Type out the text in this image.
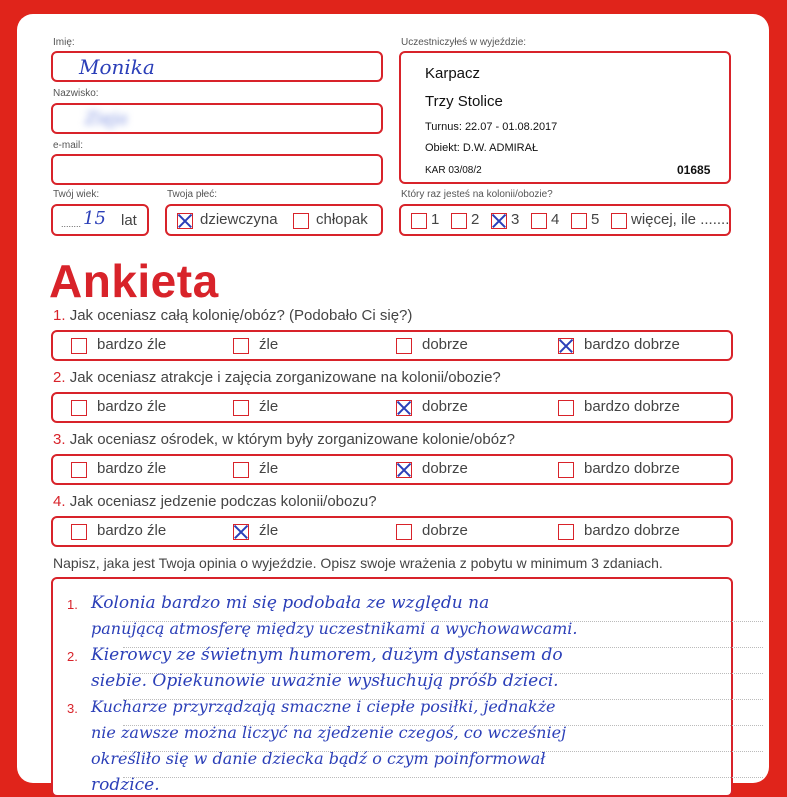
Imię:
Monika
Nazwisko:
Zięja
e-mail:
Twój wiek:
........ 15 lat
Twoja płeć:
dziewczyna	chłopak
Uczestniczyłeś w wyjeździe:
Karpacz
Trzy Stolice
Turnus: 22.07 - 01.08.2017
Obiekt: D.W. ADMIRAŁ
KAR 03/08/2	01685
Który raz jesteś na kolonii/obozie?
1 2 3 4 5 więcej, ile .......
Ankieta
1. Jak oceniasz całą kolonię/obóz? (Podobało Ci się?)
bardzo źle	źle	dobrze	bardzo dobrze
2. Jak oceniasz atrakcje i zajęcia zorganizowane na kolonii/obozie?
bardzo źle	źle	dobrze	bardzo dobrze
3. Jak oceniasz ośrodek, w którym były zorganizowane kolonie/obóz?
bardzo źle	źle	dobrze	bardzo dobrze
4. Jak oceniasz jedzenie podczas kolonii/obozu?
bardzo źle	źle	dobrze	bardzo dobrze
Napisz, jaka jest Twoja opinia o wyjeździe. Opisz swoje wrażenia z pobytu w minimum 3 zdaniach.
1.
2.
3.
Kolonia bardzo mi się podobała ze względu na
panującą atmosferę między uczestnikami a wychowawcami.
Kierowcy ze świetnym humorem, dużym dystansem do
siebie. Opiekunowie uważnie wysłuchują próśb dzieci.
Kucharze przyrządzają smaczne i ciepłe posiłki, jednakże
nie zawsze można liczyć na zjedzenie czegoś, co wcześniej
określiło się w danie dziecka bądź o czym poinformował
rodzice.
